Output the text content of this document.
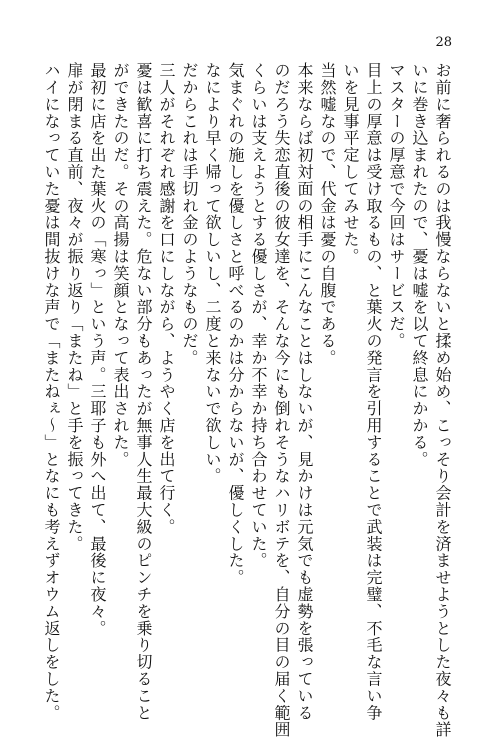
28
お前に奢られるのは我慢ならないと揉め始め、こっそり会計を済ませようとした夜々も詳
いに巻き込まれたので、憂は嘘を以て終息にかかる。
マスターの厚意で今回はサービスだ。
目上の厚意は受け取るもの、と葉火の発言を引用することで武装は完璧、不毛な言い争
いを見事平定してみせた。
当然嘘なので、代金は憂の自腹である。
本来ならば初対面の相手にこんなことはしないが、見かけは元気でも虚勢を張っている
のだろう失恋直後の彼女達を、そんな今にも倒れそうなハリボテを、自分の目の届く範囲
くらいは支えようとする優しさが、幸か不幸か持ち合わせていた。
気まぐれの施しを優しさと呼べるのかは分からないが、優しくした。
なにより早く帰って欲しいし、二度と来ないで欲しい。
だからこれは手切れ金のようなものだ。
三人がそれぞれ感謝を口にしながら、ようやく店を出て行く。
憂は歓喜に打ち震えた。危ない部分もあったが無事人生最大級のピンチを乗り切ること
ができたのだ。その高揚は笑顔となって表出された。
最初に店を出た葉火の「寒っ」という声。三耶子も外へ出て、最後に夜々。
扉が閉まる直前、夜々が振り返り「またね」と手を振ってきた。
ハイになっていた憂は間抜けな声で「またねぇ〜」となにも考えずオウム返しをした。
